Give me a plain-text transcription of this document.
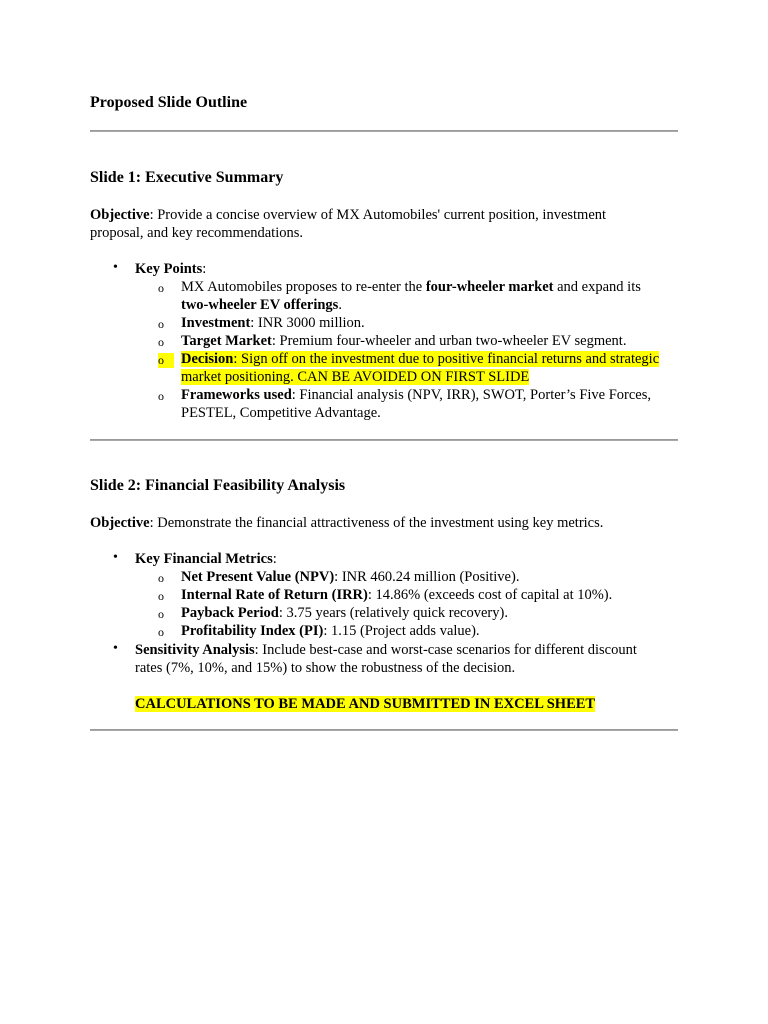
Proposed Slide Outline
Slide 1: Executive Summary
Objective: Provide a concise overview of MX Automobiles' current position, investment
proposal, and key recommendations.
• Key Points:
o MX Automobiles proposes to re-enter the four-wheeler market and expand its
two-wheeler EV offerings.
o Investment: INR 3000 million.
o Target Market: Premium four-wheeler and urban two-wheeler EV segment.
o	Decision: Sign off on the investment due to positive financial returns and strategic
market positioning. CAN BE AVOIDED ON FIRST SLIDE
o Frameworks used: Financial analysis (NPV, IRR), SWOT, Porter’s Five Forces,
PESTEL, Competitive Advantage.
Slide 2: Financial Feasibility Analysis
Objective: Demonstrate the financial attractiveness of the investment using key metrics.
• Key Financial Metrics:
o Net Present Value (NPV): INR 460.24 million (Positive).
o Internal Rate of Return (IRR): 14.86% (exceeds cost of capital at 10%).
o Payback Period: 3.75 years (relatively quick recovery).
o Profitability Index (PI): 1.15 (Project adds value).
• Sensitivity Analysis: Include best-case and worst-case scenarios for different discount
rates (7%, 10%, and 15%) to show the robustness of the decision.
CALCULATIONS TO BE MADE AND SUBMITTED IN EXCEL SHEET
